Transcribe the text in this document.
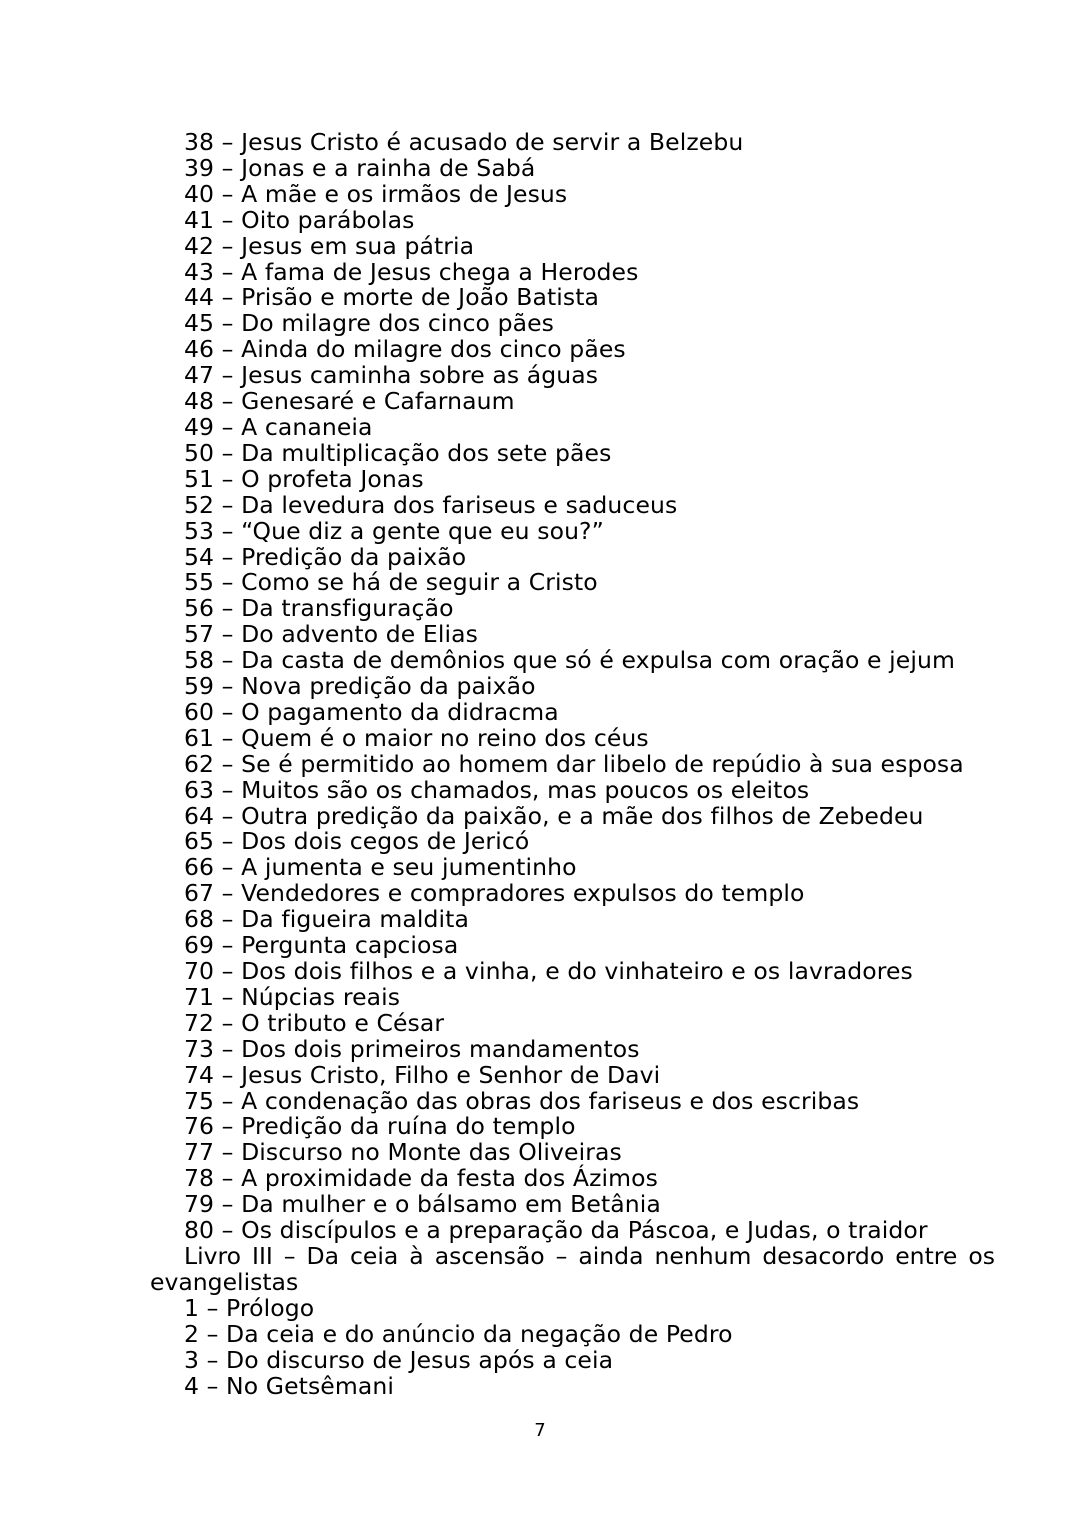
38 – Jesus Cristo é acusado de servir a Belzebu
39 – Jonas e a rainha de Sabá
40 – A mãe e os irmãos de Jesus
41 – Oito parábolas
42 – Jesus em sua pátria
43 – A fama de Jesus chega a Herodes
44 – Prisão e morte de João Batista
45 – Do milagre dos cinco pães
46 – Ainda do milagre dos cinco pães
47 – Jesus caminha sobre as águas
48 – Genesaré e Cafarnaum
49 – A cananeia
50 – Da multiplicação dos sete pães
51 – O profeta Jonas
52 – Da levedura dos fariseus e saduceus
53 – “Que diz a gente que eu sou?”
54 – Predição da paixão
55 – Como se há de seguir a Cristo
56 – Da transfiguração
57 – Do advento de Elias
58 – Da casta de demônios que só é expulsa com oração e jejum
59 – Nova predição da paixão
60 – O pagamento da didracma
61 – Quem é o maior no reino dos céus
62 – Se é permitido ao homem dar libelo de repúdio à sua esposa
63 – Muitos são os chamados, mas poucos os eleitos
64 – Outra predição da paixão, e a mãe dos filhos de Zebedeu
65 – Dos dois cegos de Jericó
66 – A jumenta e seu jumentinho
67 – Vendedores e compradores expulsos do templo
68 – Da figueira maldita
69 – Pergunta capciosa
70 – Dos dois filhos e a vinha, e do vinhateiro e os lavradores
71 – Núpcias reais
72 – O tributo e César
73 – Dos dois primeiros mandamentos
74 – Jesus Cristo, Filho e Senhor de Davi
75 – A condenação das obras dos fariseus e dos escribas
76 – Predição da ruína do templo
77 – Discurso no Monte das Oliveiras
78 – A proximidade da festa dos Ázimos
79 – Da mulher e o bálsamo em Betânia
80 – Os discípulos e a preparação da Páscoa, e Judas, o traidor

Livro III – Da ceia à ascensão – ainda nenhum desacordo entre os evangelistas

1 – Prólogo
2 – Da ceia e do anúncio da negação de Pedro
3 – Do discurso de Jesus após a ceia
4 – No Getsêmani
7
